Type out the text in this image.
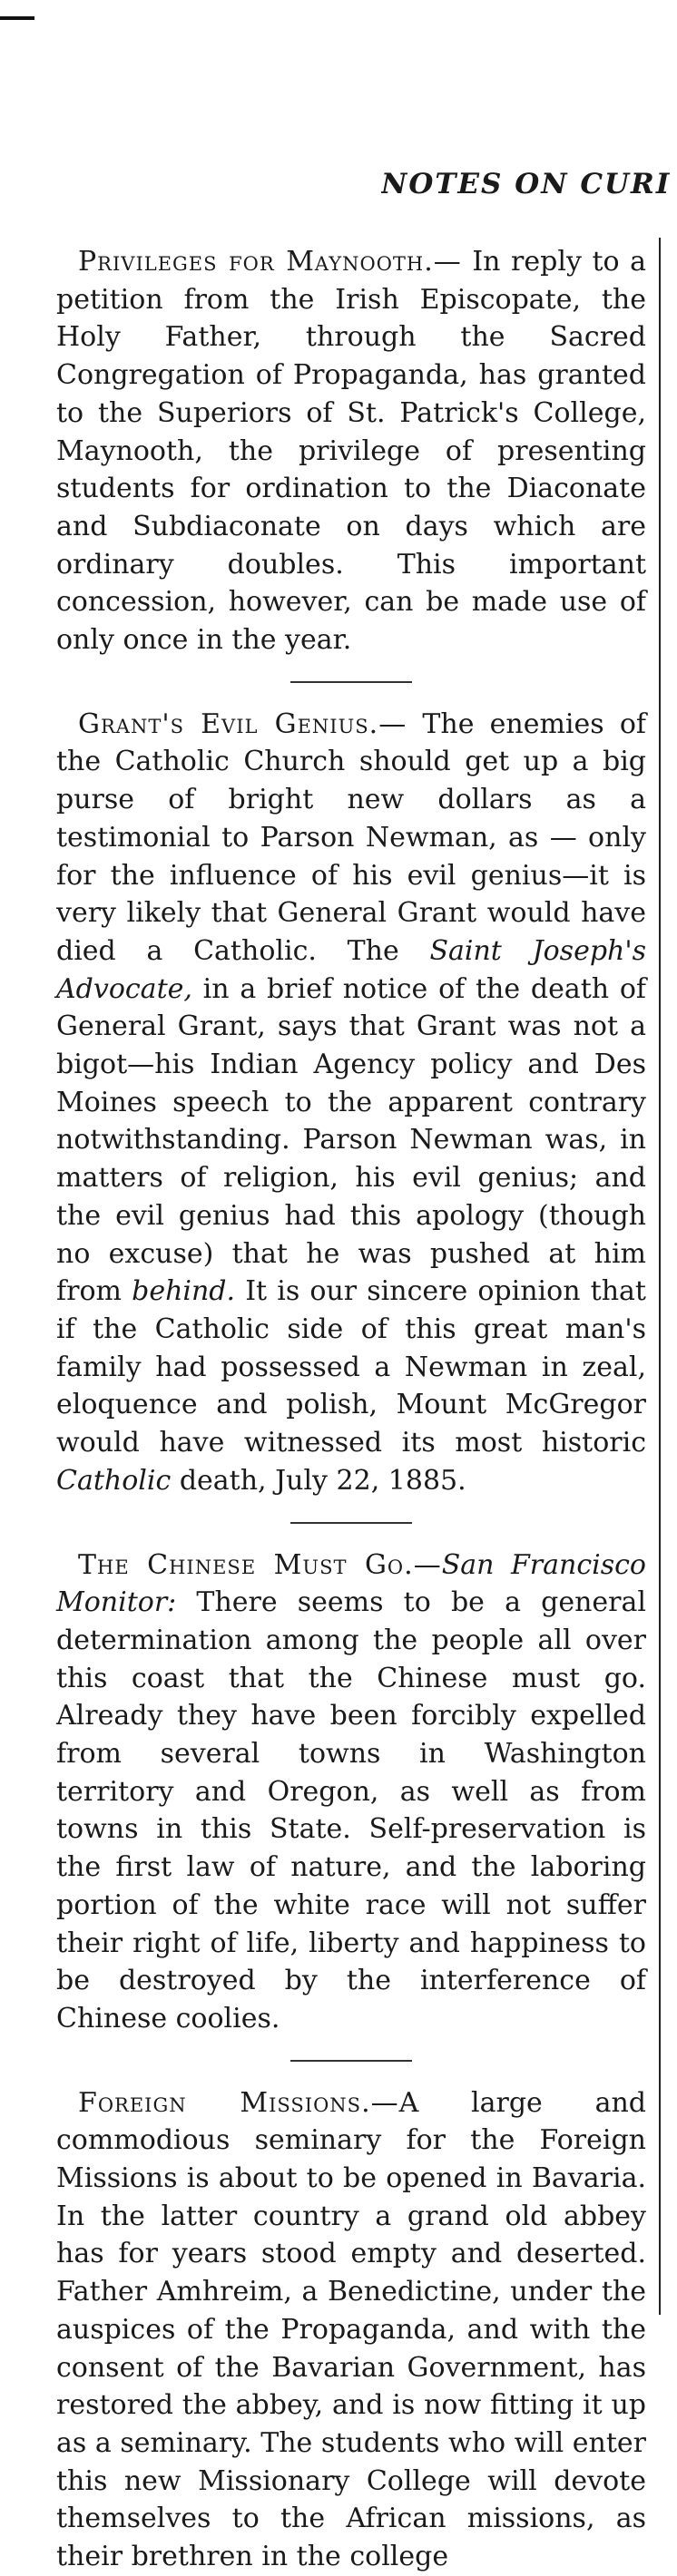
NOTES ON CURI

Privileges for Maynooth.— In reply to a petition from the Irish Episcopate, the Holy Father, through the Sacred Congregation of Propaganda, has granted to the Superiors of St. Patrick's College, Maynooth, the privilege of presenting students for ordination to the Diaconate and Subdiaconate on days which are ordinary doubles. This important concession, however, can be made use of only once in the year.

Grant's Evil Genius.— The enemies of the Catholic Church should get up a big purse of bright new dollars as a testimonial to Parson Newman, as — only for the influence of his evil genius—it is very likely that General Grant would have died a Catholic. The Saint Joseph's Advocate, in a brief notice of the death of General Grant, says that Grant was not a bigot—his Indian Agency policy and Des Moines speech to the apparent contrary notwithstanding. Parson Newman was, in matters of religion, his evil genius; and the evil genius had this apology (though no excuse) that he was pushed at him from behind. It is our sincere opinion that if the Catholic side of this great man's family had possessed a Newman in zeal, eloquence and polish, Mount McGregor would have witnessed its most historic Catholic death, July 22, 1885.

The Chinese Must Go.—San Francisco Monitor: There seems to be a general determination among the people all over this coast that the Chinese must go. Already they have been forcibly expelled from several towns in Washington territory and Oregon, as well as from towns in this State. Self-preservation is the first law of nature, and the laboring portion of the white race will not suffer their right of life, liberty and happiness to be destroyed by the interference of Chinese coolies.

Foreign Missions.—A large and commodious seminary for the Foreign Missions is about to be opened in Bavaria. In the latter country a grand old abbey has for years stood empty and deserted. Father Amhreim, a Benedictine, under the auspices of the Propaganda, and with the consent of the Bavarian Government, has restored the abbey, and is now fitting it up as a seminary. The students who will enter this new Missionary College will devote themselves to the African missions, as their brethren in the college
